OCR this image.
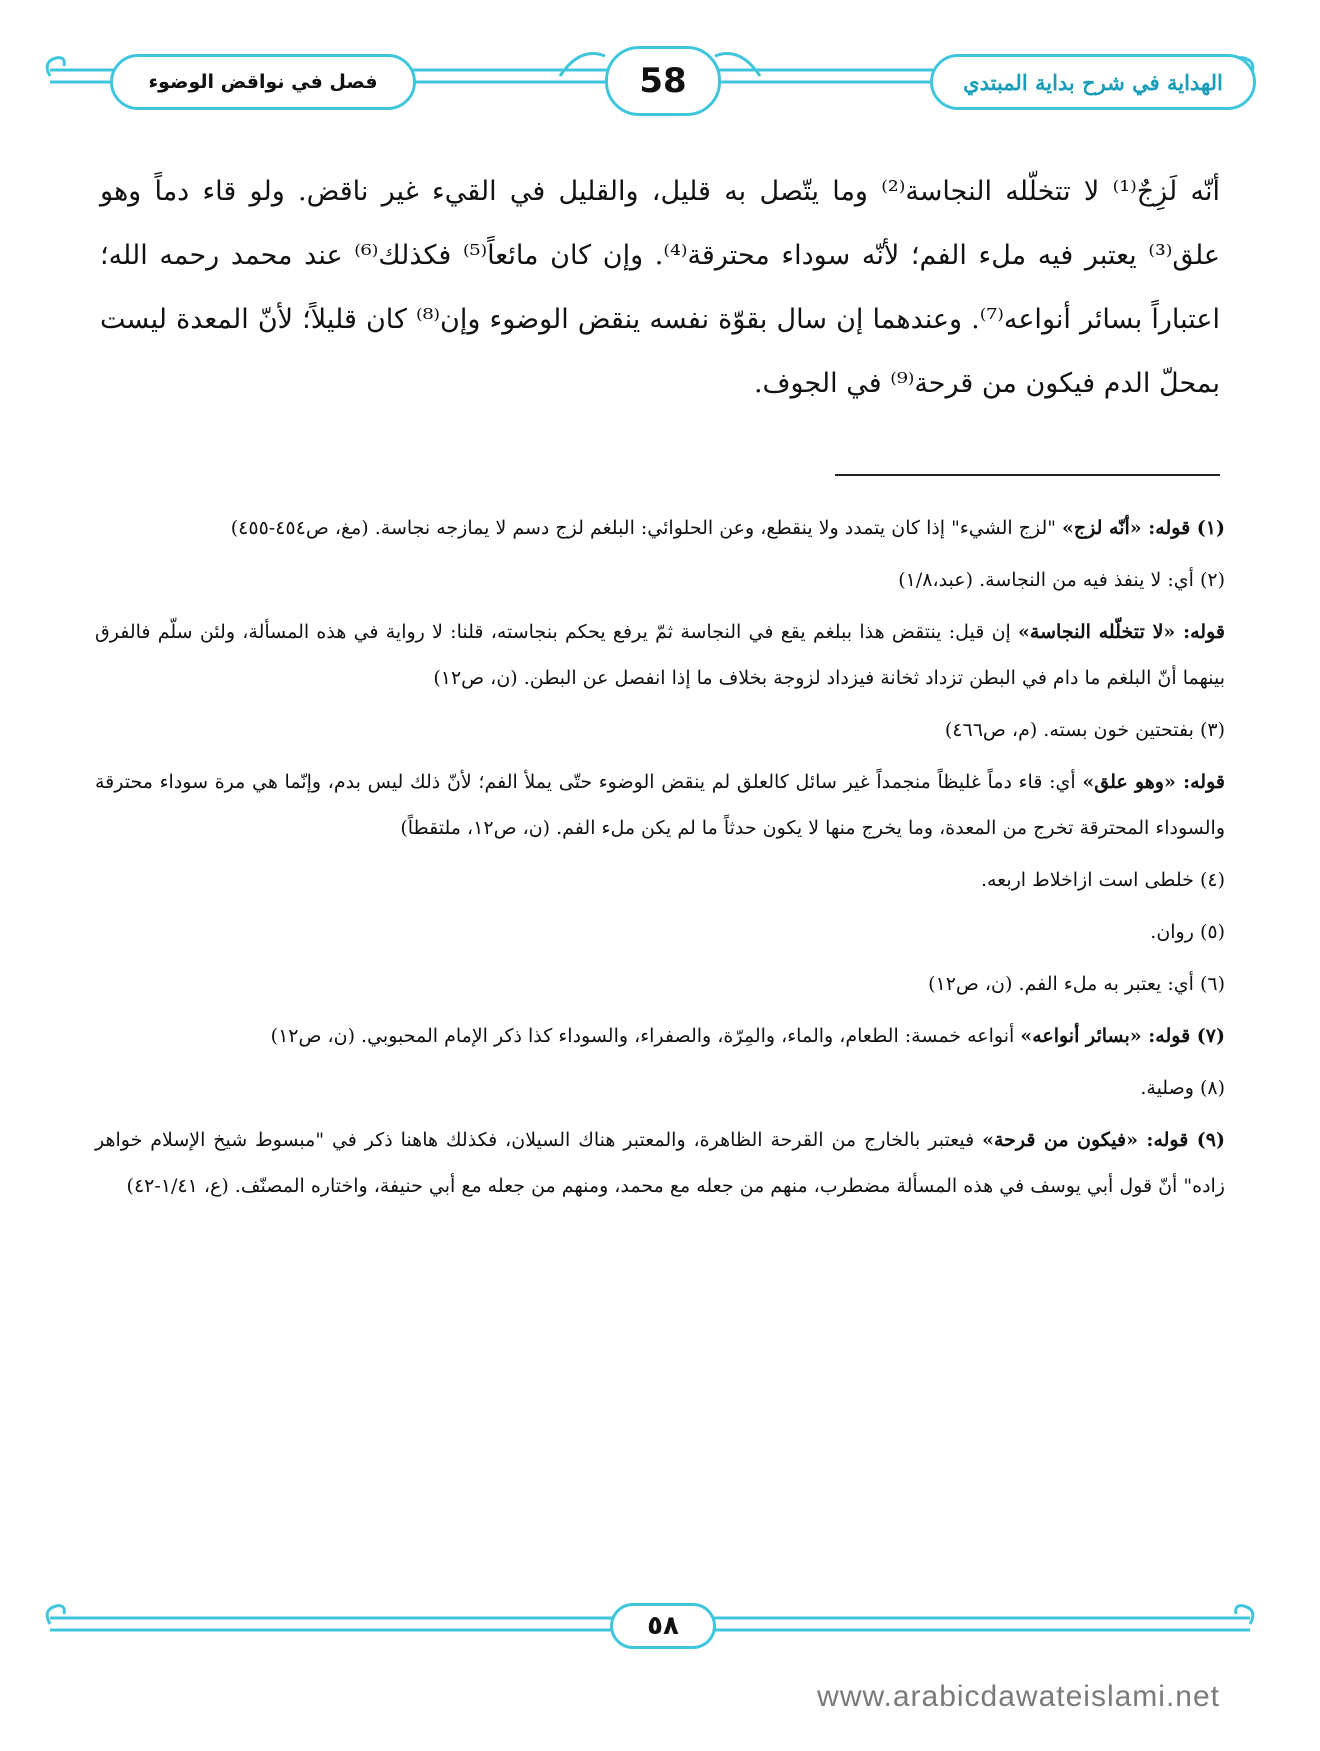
الهداية في شرح بداية المبتدي
58
فصل في نواقض الوضوء

أنّه لَزِجٌ⁽¹⁾ لا تتخلّله النجاسة⁽²⁾ وما يتّصل به قليل، والقليل في القيء غير ناقض. ولو قاء دماً وهو علق⁽³⁾ يعتبر فيه ملء الفم؛ لأنّه سوداء محترقة⁽⁴⁾. وإن كان مائعاً⁽⁵⁾ فكذلك⁽⁶⁾ عند محمد رحمه الله؛ اعتباراً بسائر أنواعه⁽⁷⁾. وعندهما إن سال بقوّة نفسه ينقض الوضوء وإن⁽⁸⁾ كان قليلاً؛ لأنّ المعدة ليست بمحلّ الدم فيكون من قرحة⁽⁹⁾ في الجوف.

(١) قوله: «أنّه لزج» "لزج الشيء" إذا كان يتمدد ولا ينقطع، وعن الحلوائي: البلغم لزج دسم لا يمازجه نجاسة. (مغ، ص٤٥٤-٤٥٥)

(٢) أي: لا ينفذ فيه من النجاسة. (عبد،١/٨)

قوله: «لا تتخلّله النجاسة» إن قيل: ينتقض هذا ببلغم يقع في النجاسة ثمّ يرفع يحكم بنجاسته، قلنا: لا رواية في هذه المسألة، ولئن سلّم فالفرق بينهما أنّ البلغم ما دام في البطن تزداد ثخانة فيزداد لزوجة بخلاف ما إذا انفصل عن البطن. (ن، ص١٢)

(٣) بفتحتين خون بسته. (م، ص٤٦٦)

قوله: «وهو علق» أي: قاء دماً غليظاً منجمداً غير سائل كالعلق لم ينقض الوضوء حتّى يملأ الفم؛ لأنّ ذلك ليس بدم، وإنّما هي مرة سوداء محترقة والسوداء المحترقة تخرج من المعدة، وما يخرج منها لا يكون حدثاً ما لم يكن ملء الفم. (ن، ص١٢، ملتقطاً)

(٤) خلطى است ازاخلاط اربعه.

(٥) روان.

(٦) أي: يعتبر به ملء الفم. (ن، ص١٢)

(٧) قوله: «بسائر أنواعه» أنواعه خمسة: الطعام، والماء، والمِرّة، والصفراء، والسوداء كذا ذكر الإمام المحبوبي. (ن، ص١٢)

(٨) وصلية.

(٩) قوله: «فيكون من قرحة» فيعتبر بالخارج من القرحة الظاهرة، والمعتبر هناك السيلان، فكذلك هاهنا ذكر في "مبسوط شيخ الإسلام خواهر زاده" أنّ قول أبي يوسف في هذه المسألة مضطرب، منهم من جعله مع محمد، ومنهم من جعله مع أبي حنيفة، واختاره المصنّف. (ع، ١/٤١-٤٢)

٥٨
www.arabicdawateislami.net
